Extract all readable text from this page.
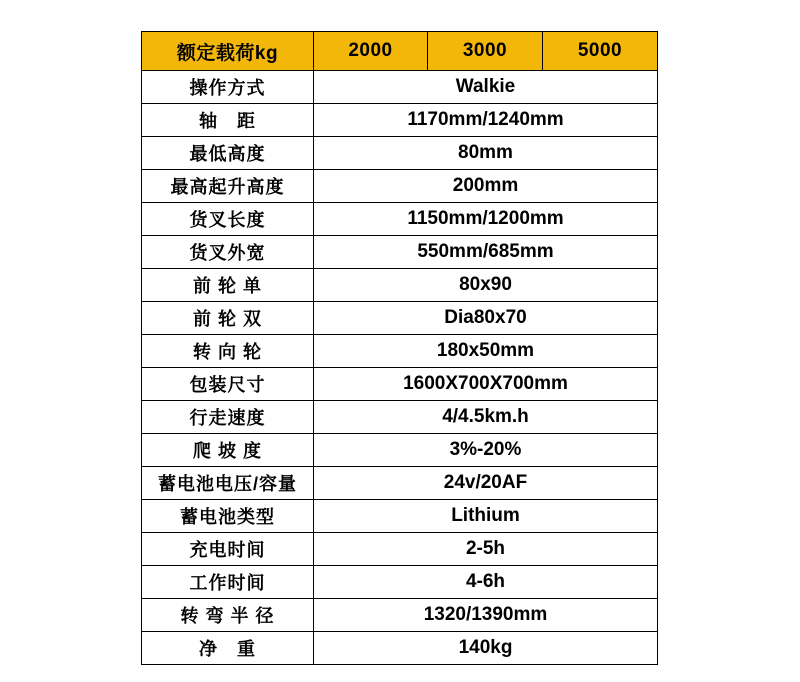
额定载荷kg	2000	3000	5000
操作方式	Walkie		
轴　距	1170mm/1240mm		
最低高度	80mm		
最高起升高度	200mm		
货叉长度	1150mm/1200mm		
货叉外宽	550mm/685mm		
前 轮 单	80x90		
前 轮 双	Dia80x70		
转 向 轮	180x50mm		
包装尺寸	1600X700X700mm		
行走速度	4/4.5km.h		
爬 坡 度	3%-20%		
蓄电池电压/容量	24v/20AF		
蓄电池类型	Lithium		
充电时间	2-5h		
工作时间	4-6h		
转 弯 半 径	1320/1390mm		
净　重	140kg		
